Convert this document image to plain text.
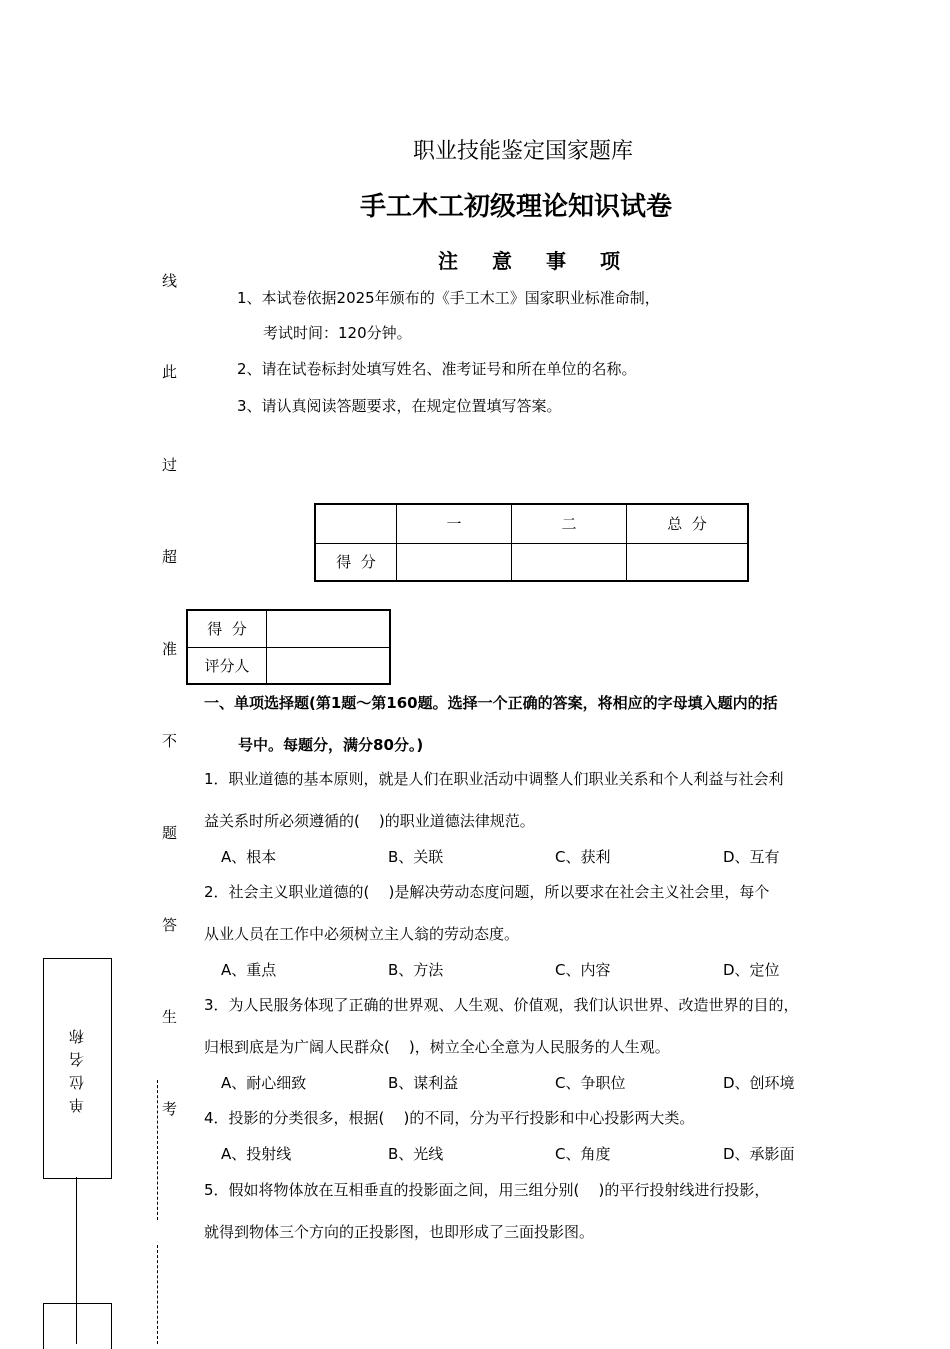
职业技能鉴定国家题库
手工木工初级理论知识试卷
注意事项
1、本试卷依据2025年颁布的《手工木工》国家职业标准命制，
考试时间：120分钟。
2、请在试卷标封处填写姓名、准考证号和所在单位的名称。
3、请认真阅读答题要求，在规定位置填写答案。
	一	二	总  分
得  分			
得  分	
评分人	
线
此
过
超
准
不
题
答
生
考
单位名称
一、单项选择题(第1题～第160题。选择一个正确的答案，将相应的字母填入题内的括
号中。每题分，满分80分。)
1．职业道德的基本原则，就是人们在职业活动中调整人们职业关系和个人利益与社会利
益关系时所必须遵循的(    )的职业道德法律规范。
A、根本	B、关联	C、获利	D、互有
2．社会主义职业道德的(    )是解决劳动态度问题，所以要求在社会主义社会里，每个
从业人员在工作中必须树立主人翁的劳动态度。
A、重点	B、方法	C、内容	D、定位
3．为人民服务体现了正确的世界观、人生观、价值观，我们认识世界、改造世界的目的，
归根到底是为广阔人民群众(    )，树立全心全意为人民服务的人生观。
A、耐心细致	B、谋利益	C、争职位	D、创环境
4．投影的分类很多，根据(    )的不同，分为平行投影和中心投影两大类。
A、投射线	B、光线	C、角度	D、承影面
5．假如将物体放在互相垂直的投影面之间，用三组分别(    )的平行投射线进行投影，
就得到物体三个方向的正投影图，也即形成了三面投影图。
